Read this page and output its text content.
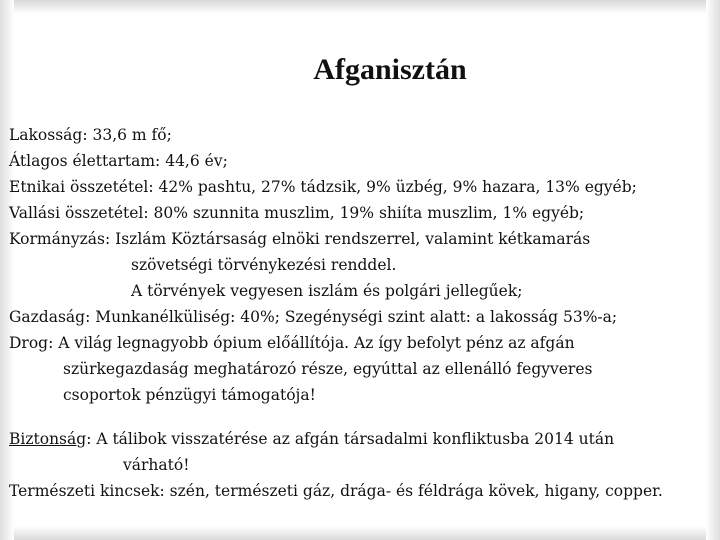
Afganisztán

Lakosság: 33,6 m fő;

Átlagos élettartam: 44,6 év;

Etnikai összetétel: 42% pashtu, 27% tádzsik, 9% üzbég, 9% hazara, 13% egyéb;

Vallási összetétel: 80% szunnita muszlim, 19% shiíta muszlim, 1% egyéb;

Kormányzás: Iszlám Köztársaság elnöki rendszerrel, valamint kétkamarás

szövetségi törvénykezési renddel.

A törvények vegyesen iszlám és polgári jellegűek;

Gazdaság: Munkanélküliség: 40%; Szegénységi szint alatt: a lakosság 53%-a;

Drog: A világ legnagyobb ópium előállítója. Az így befolyt pénz az afgán

szürkegazdaság meghatározó része, egyúttal az ellenálló fegyveres

csoportok pénzügyi támogatója!

Biztonság: A tálibok visszatérése az afgán társadalmi konfliktusba 2014 után

várható!

Természeti kincsek: szén, természeti gáz, drága- és féldrága kövek, higany, copper.
